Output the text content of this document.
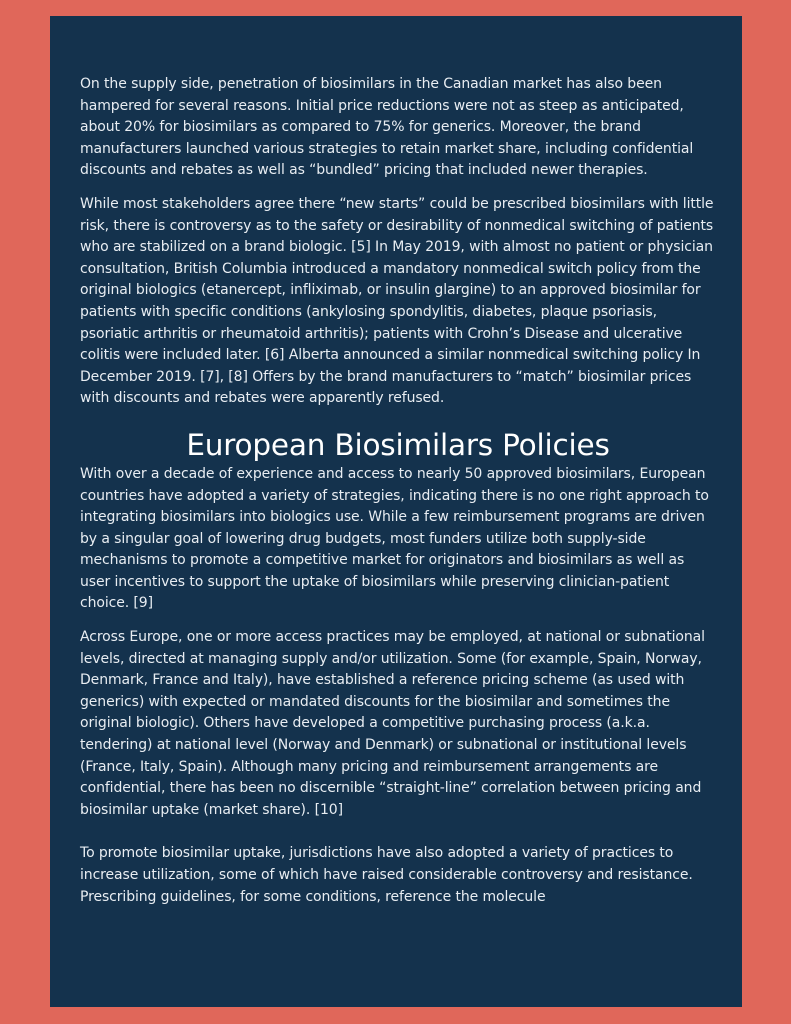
On the supply side, penetration of biosimilars in the Canadian market has also been hampered for several reasons. Initial price reductions were not as steep as anticipated, about 20% for biosimilars as compared to 75% for generics. Moreover, the brand manufacturers launched various strategies to retain market share, including confidential discounts and rebates as well as “bundled” pricing that included newer therapies.

While most stakeholders agree there “new starts” could be prescribed biosimilars with little risk, there is controversy as to the safety or desirability of nonmedical switching of patients who are stabilized on a brand biologic. [5] In May 2019, with almost no patient or physician consultation, British Columbia introduced a mandatory nonmedical switch policy from the original biologics (etanercept, infliximab, or insulin glargine) to an approved biosimilar for patients with specific conditions (ankylosing spondylitis, diabetes, plaque psoriasis, psoriatic arthritis or rheumatoid arthritis); patients with Crohn’s Disease and ulcerative colitis were included later. [6] Alberta announced a similar nonmedical switching policy In December 2019. [7], [8] Offers by the brand manufacturers to “match” biosimilar prices with discounts and rebates were apparently refused.

European Biosimilars Policies

With over a decade of experience and access to nearly 50 approved biosimilars, European countries have adopted a variety of strategies, indicating there is no one right approach to integrating biosimilars into biologics use. While a few reimbursement programs are driven by a singular goal of lowering drug budgets, most funders utilize both supply-side mechanisms to promote a competitive market for originators and biosimilars as well as user incentives to support the uptake of biosimilars while preserving clinician-patient choice. [9]

Across Europe, one or more access practices may be employed, at national or subnational levels, directed at managing supply and/or utilization. Some (for example, Spain, Norway, Denmark, France and Italy), have established a reference pricing scheme (as used with generics) with expected or mandated discounts for the biosimilar and sometimes the original biologic). Others have developed a competitive purchasing process (a.k.a. tendering) at national level (Norway and Denmark) or subnational or institutional levels (France, Italy, Spain). Although many pricing and reimbursement arrangements are confidential, there has been no discernible “straight-line” correlation between pricing and biosimilar uptake (market share). [10]

To promote biosimilar uptake, jurisdictions have also adopted a variety of practices to increase utilization, some of which have raised considerable controversy and resistance. Prescribing guidelines, for some conditions, reference the molecule
